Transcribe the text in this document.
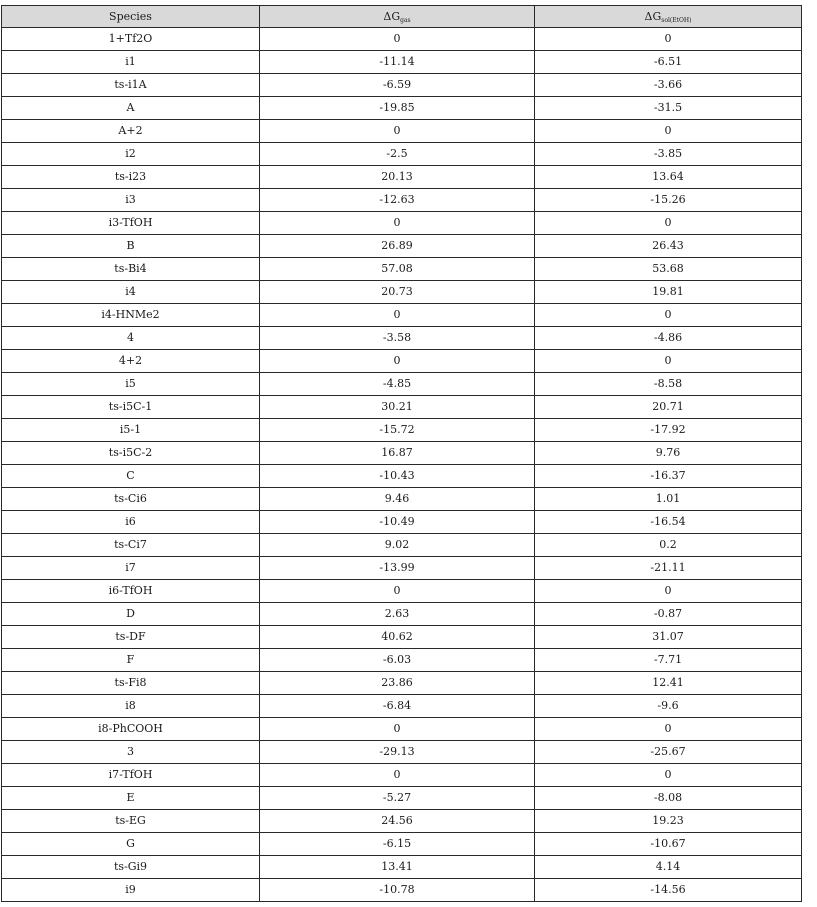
Species	$\Delta G_{gas}$	$\Delta G_{sol(EtOH)}$
1+Tf2O	0	0
i1	-11.14	-6.51
ts-i1A	-6.59	-3.66
A	-19.85	-31.5
A+2	0	0
i2	-2.5	-3.85
ts-i23	20.13	13.64
i3	-12.63	-15.26
i3-TfOH	0	0
B	26.89	26.43
ts-Bi4	57.08	53.68
i4	20.73	19.81
i4-HNMe2	0	0
4	-3.58	-4.86
4+2	0	0
i5	-4.85	-8.58
ts-i5C-1	30.21	20.71
i5-1	-15.72	-17.92
ts-i5C-2	16.87	9.76
C	-10.43	-16.37
ts-Ci6	9.46	1.01
i6	-10.49	-16.54
ts-Ci7	9.02	0.2
i7	-13.99	-21.11
i6-TfOH	0	0
D	2.63	-0.87
ts-DF	40.62	31.07
F	-6.03	-7.71
ts-Fi8	23.86	12.41
i8	-6.84	-9.6
i8-PhCOOH	0	0
3	-29.13	-25.67
i7-TfOH	0	0
E	-5.27	-8.08
ts-EG	24.56	19.23
G	-6.15	-10.67
ts-Gi9	13.41	4.14
i9	-10.78	-14.56
